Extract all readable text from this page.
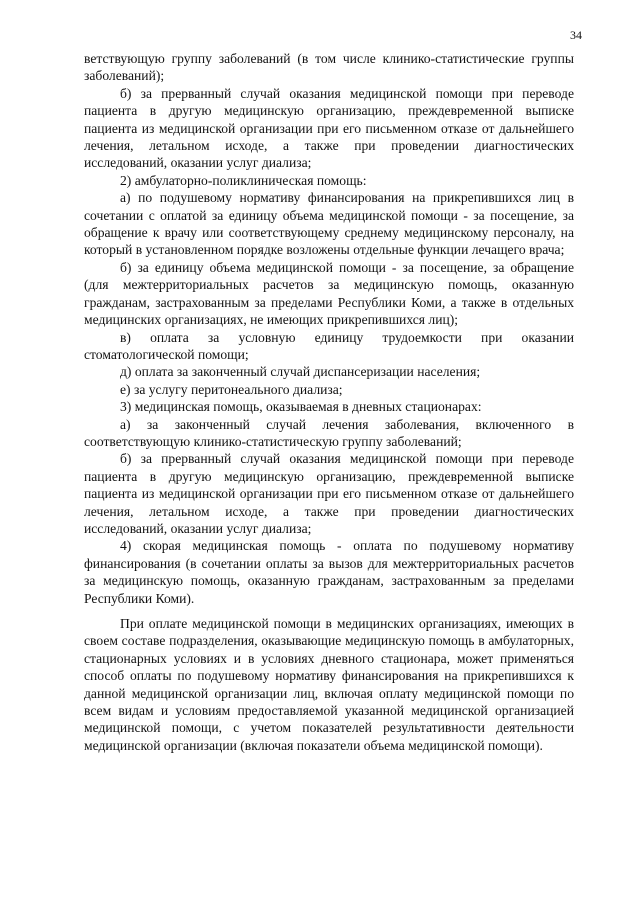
34

ветствующую группу заболеваний (в том числе клинико-статистические группы заболеваний);

б) за прерванный случай оказания медицинской помощи при переводе пациента в другую медицинскую организацию, преждевременной выписке пациента из медицинской организации при его письменном отказе от дальнейшего лечения, летальном исходе, а также при проведении диагностических исследований, оказании услуг диализа;

2) амбулаторно-поликлиническая помощь:

а) по подушевому нормативу финансирования на прикрепившихся лиц в сочетании с оплатой за единицу объема медицинской помощи - за посещение, за обращение к врачу или соответствующему среднему медицинскому персоналу, на который в установленном порядке возложены отдельные функции лечащего врача;

б) за единицу объема медицинской помощи - за посещение, за обращение (для межтерриториальных расчетов за медицинскую помощь, оказанную гражданам, застрахованным за пределами Республики Коми, а также в отдельных медицинских организациях, не имеющих прикрепившихся лиц);

в) оплата за условную единицу трудоемкости при оказании стоматологической помощи;

д) оплата за законченный случай диспансеризации населения;

е) за услугу перитонеального диализа;

3) медицинская помощь, оказываемая в дневных стационарах:

а) за законченный случай лечения заболевания, включенного в соответствующую клинико-статистическую группу заболеваний;

б) за прерванный случай оказания медицинской помощи при переводе пациента в другую медицинскую организацию, преждевременной выписке пациента из медицинской организации при его письменном отказе от дальнейшего лечения, летальном исходе, а также при проведении диагностических исследований, оказании услуг диализа;

4) скорая медицинская помощь - оплата по подушевому нормативу финансирования (в сочетании оплаты за вызов для межтерриториальных расчетов за медицинскую помощь, оказанную гражданам, застрахованным за пределами Республики Коми).

При оплате медицинской помощи в медицинских организациях, имеющих в своем составе подразделения, оказывающие медицинскую помощь в амбулаторных, стационарных условиях и в условиях дневного стационара, может применяться способ оплаты по подушевому нормативу финансирования на прикрепившихся к данной медицинской организации лиц, включая оплату медицинской помощи по всем видам и условиям предоставляемой указанной медицинской организацией медицинской помощи, с учетом показателей результативности деятельности медицинской организации (включая показатели объема медицинской помощи).
